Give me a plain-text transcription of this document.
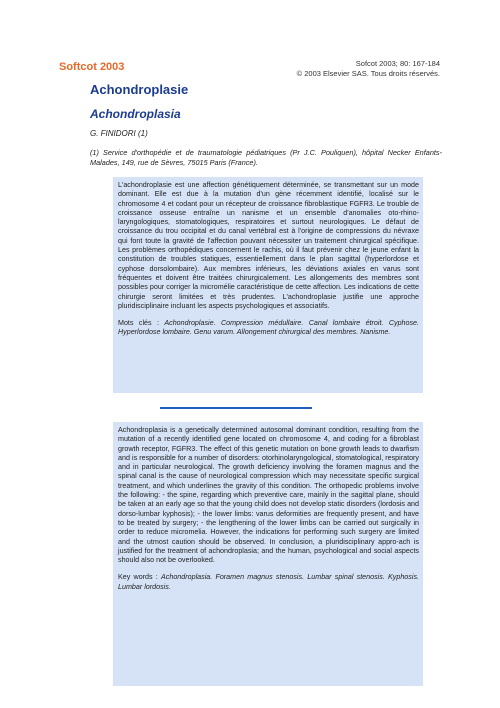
Softcot 2003	Sofcot 2003; 80: 167-184
© 2003 Elsevier SAS. Tous droits réservés.
Achondroplasie
Achondroplasia
G. FINIDORI (1)
(1) Service d'orthopédie et de traumatologie pédiatriques (Pr J.C. Pouliquen), hôpital Necker Enfants-Malades, 149, rue de Sèvres, 75015 Paris (France).

L'achondroplasie est une affection génétiquement déterminée, se transmettant sur un mode dominant. Elle est due à la mutation d'un gène récemment identifié, localisé sur le chromosome 4 et codant pour un récepteur de croissance fibroblastique FGFR3. Le trouble de croissance osseuse entraîne un nanisme et un ensemble d'anomalies oto-rhino-laryngologiques, stomatologiques, respiratoires et surtout neurologiques. Le défaut de croissance du trou occipital et du canal vertébral est à l'origine de compressions du névraxe qui font toute la gravité de l'affection pouvant nécessiter un traitement chirurgical spécifique. Les problèmes orthopédiques concernent le rachis, où il faut prévenir chez le jeune enfant la constitution de troubles statiques, essentiellement dans le plan sagittal (hyperlordose et cyphose dorsolombaire). Aux membres inférieurs, les déviations axiales en varus sont fréquentes et doivent être traitées chirurgicalement. Les allongements des membres sont possibles pour corriger la micromélie caractéristique de cette affection. Les indications de cette chirurgie seront limitées et très prudentes. L'achondroplasie justifie une approche pluridisciplinaire incluant les aspects psychologiques et associatifs.

Mots clés : Achondroplasie. Compression médullaire. Canal lombaire étroit. Cyphose. Hyperlordose lombaire. Genu varum. Allongement chirurgical des membres. Nanisme.

Achondroplasia is a genetically determined autosomal dominant condition, resulting from the mutation of a recently identified gene located on chromosome 4, and coding for a fibroblast growth receptor, FGFR3. The effect of this genetic mutation on bone growth leads to dwarfism and is responsible for a number of disorders: otorhinolaryngological, stomatological, respiratory and in particular neurological. The growth deficiency involving the foramen magnus and the spinal canal is the cause of neurological compression which may necessitate specific surgical treatment, and which underlines the gravity of this condition. The orthopedic problems involve the following: - the spine, regarding which preventive care, mainly in the sagittal plane, should be taken at an early age so that the young child does not develop static disorders (lordosis and dorso-lumbar kyphosis); - the lower limbs: varus deformities are frequently present, and have to be treated by surgery; - the lengthening of the lower limbs can be carried out surgically in order to reduce micromelia. However, the indications for performing such surgery are limited and the utmost caution should be observed. In conclusion, a pluridisciplinary appro-ach is justified for the treatment of achondroplasia; and the human, psychological and social aspects should also not be overlooked.

Key words : Achondroplasia. Foramen magnus stenosis. Lumbar spinal stenosis. Kyphosis. Lumbar lordosis.
